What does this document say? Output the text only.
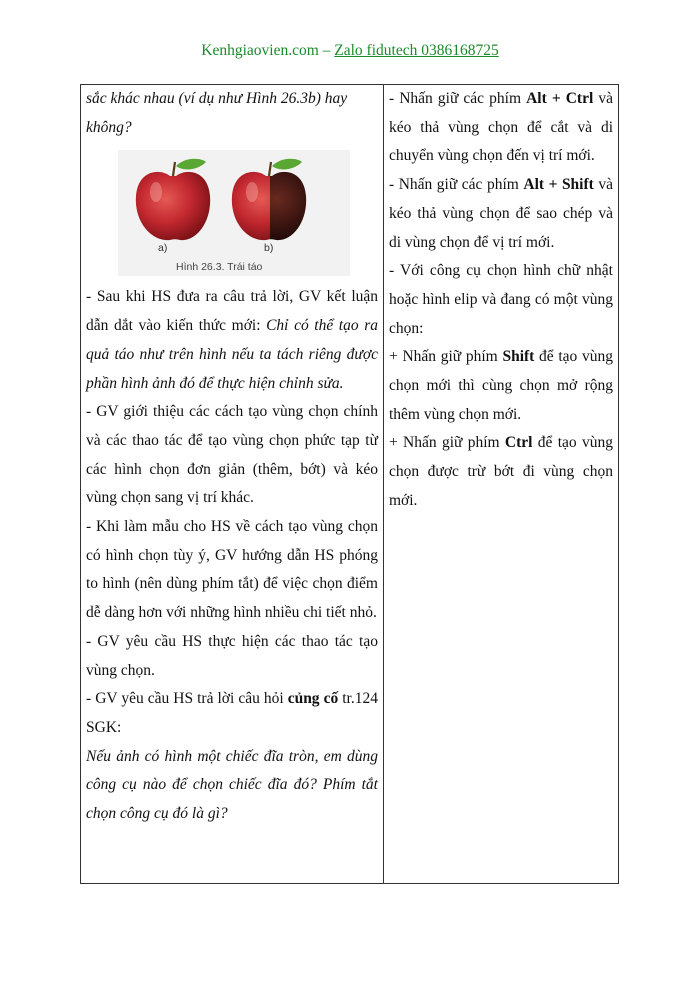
Kenhgiaovien.com – Zalo fidutech 0386168725

sắc khác nhau (ví dụ như Hình 26.3b) hay
không?

a)	b)
Hình 26.3. Trái táo

- Sau khi HS đưa ra câu trả lời, GV kết luận dẫn dắt vào kiến thức mới: Chỉ có thể tạo ra quả táo như trên hình nếu ta tách riêng được phần hình ảnh đó để thực hiện chỉnh sửa.

- GV giới thiệu các cách tạo vùng chọn chính và các thao tác để tạo vùng chọn phức tạp từ các hình chọn đơn giản (thêm, bớt) và kéo vùng chọn sang vị trí khác.

- Khi làm mẫu cho HS về cách tạo vùng chọn có hình chọn tùy ý, GV hướng dẫn HS phóng to hình (nên dùng phím tắt) để việc chọn điểm dễ dàng hơn với những hình nhiều chi tiết nhỏ.

- GV yêu cầu HS thực hiện các thao tác tạo vùng chọn.

- GV yêu cầu HS trả lời câu hỏi củng cố tr.124 SGK:

Nếu ảnh có hình một chiếc đĩa tròn, em dùng công cụ nào để chọn chiếc đĩa đó? Phím tắt chọn công cụ đó là gì?

- Nhấn giữ các phím Alt + Ctrl và kéo thả vùng chọn để cắt và di chuyển vùng chọn đến vị trí mới.

- Nhấn giữ các phím Alt + Shift và kéo thả vùng chọn để sao chép và di vùng chọn để vị trí mới.

- Với công cụ chọn hình chữ nhật hoặc hình elip và đang có một vùng chọn:

+ Nhấn giữ phím Shift để tạo vùng chọn mới thì cùng chọn mở rộng thêm vùng chọn mới.

+ Nhấn giữ phím Ctrl để tạo vùng chọn được trừ bớt đi vùng chọn mới.
